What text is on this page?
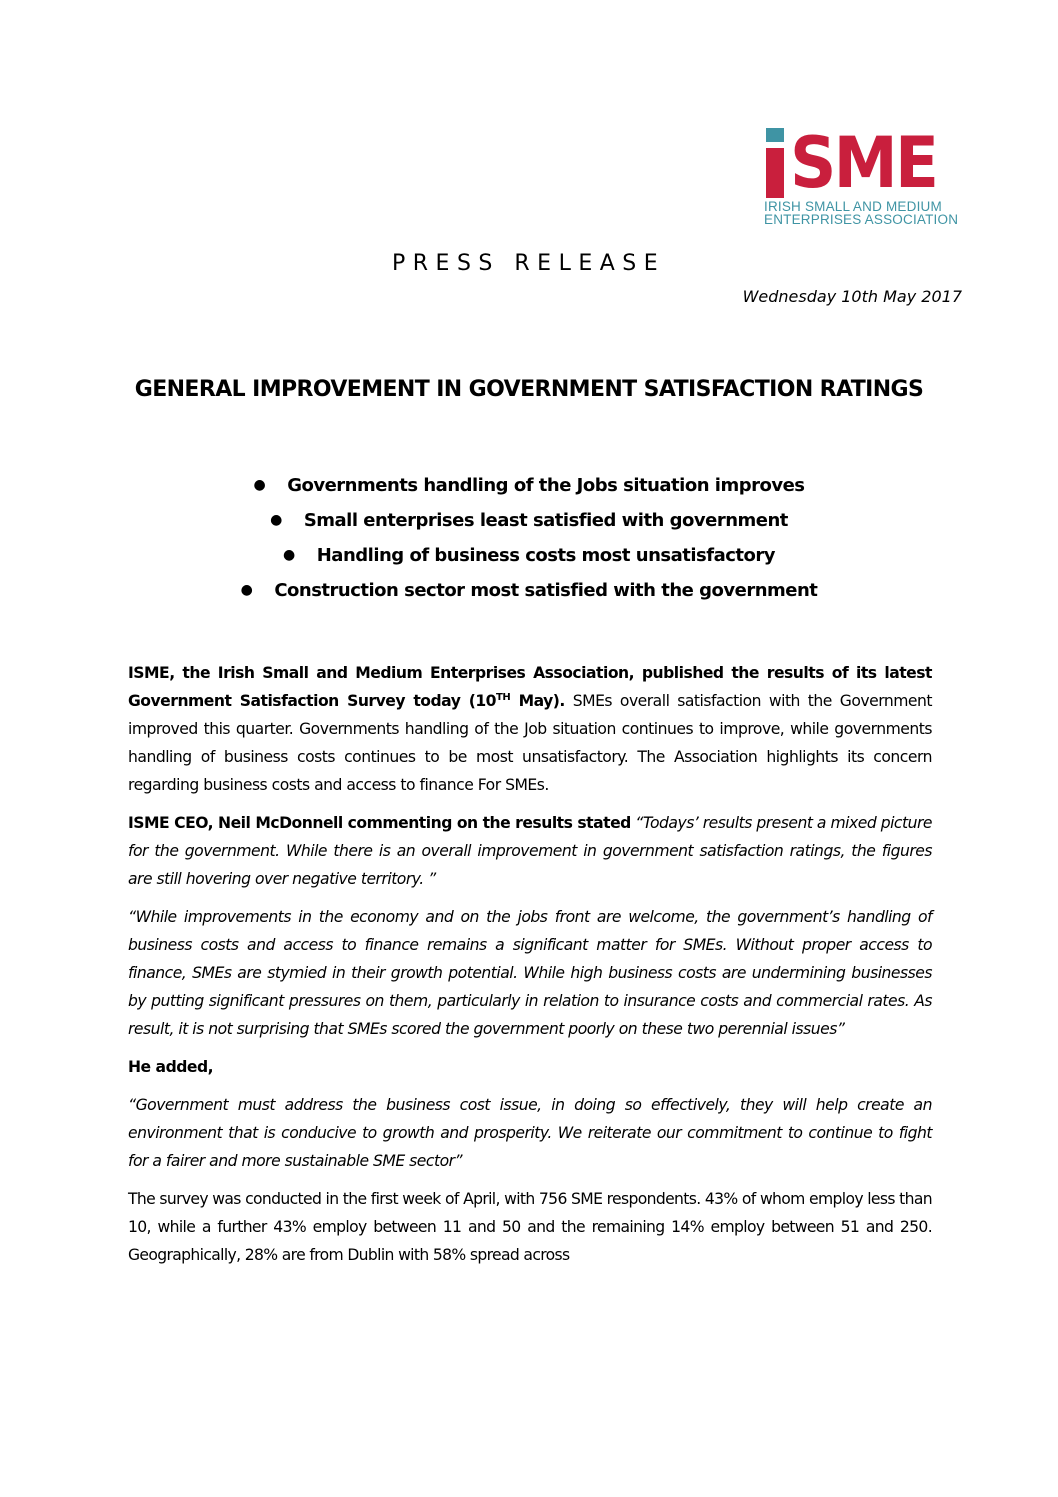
SME
IRISH SMALL AND MEDIUM
ENTERPRISES ASSOCIATION
PRESS RELEASE
Wednesday 10th May 2017
GENERAL IMPROVEMENT IN GOVERNMENT SATISFACTION RATINGS
● Governments handling of the Jobs situation improves
● Small enterprises least satisfied with government
● Handling of business costs most unsatisfactory
● Construction sector most satisfied with the government

ISME, the Irish Small and Medium Enterprises Association, published the results of its latest Government Satisfaction Survey today (10TH May). SMEs overall satisfaction with the Government improved this quarter. Governments handling of the Job situation continues to improve, while governments handling of business costs continues to be most unsatisfactory. The Association highlights its concern regarding business costs and access to finance For SMEs.

ISME CEO, Neil McDonnell commenting on the results stated “Todays’ results present a mixed picture for the government. While there is an overall improvement in government satisfaction ratings, the figures are still hovering over negative territory. ”

“While improvements in the economy and on the jobs front are welcome, the government’s handling of business costs and access to finance remains a significant matter for SMEs. Without proper access to finance, SMEs are stymied in their growth potential. While high business costs are undermining businesses by putting significant pressures on them, particularly in relation to insurance costs and commercial rates. As result, it is not surprising that SMEs scored the government poorly on these two perennial issues”

He added,

“Government must address the business cost issue, in doing so effectively, they will help create an environment that is conducive to growth and prosperity. We reiterate our commitment to continue to fight for a fairer and more sustainable SME sector”

The survey was conducted in the first week of April, with 756 SME respondents. 43% of whom employ less than 10, while a further 43% employ between 11 and 50 and the remaining 14% employ between 51 and 250. Geographically, 28% are from Dublin with 58% spread across
